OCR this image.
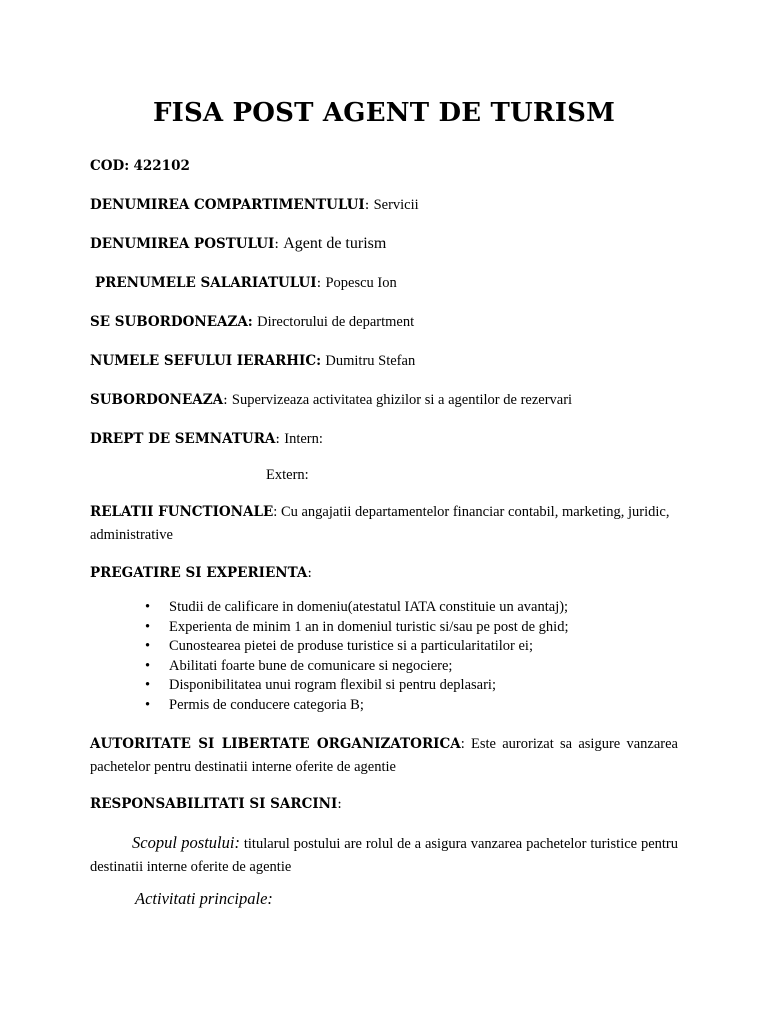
FISA POST AGENT DE TURISM
COD: 422102
DENUMIREA COMPARTIMENTULUI: Servicii
DENUMIREA POSTULUI: Agent de turism
PRENUMELE SALARIATULUI: Popescu Ion
SE SUBORDONEAZA: Directorului de department
NUMELE SEFULUI IERARHIC: Dumitru Stefan
SUBORDONEAZA: Supervizeaza activitatea ghizilor si a agentilor de rezervari
DREPT DE SEMNATURA: Intern:
Extern:
RELATII FUNCTIONALE: Cu angajatii departamentelor financiar contabil, marketing, juridic, administrative
PREGATIRE SI EXPERIENTA:
• Studii de calificare in domeniu(atestatul IATA constituie un avantaj);
• Experienta de minim 1 an in domeniul turistic si/sau pe post de ghid;
• Cunostearea pietei de produse turistice si a particularitatilor ei;
• Abilitati foarte bune de comunicare si negociere;
• Disponibilitatea unui rogram flexibil si pentru deplasari;
• Permis de conducere categoria B;
AUTORITATE SI LIBERTATE ORGANIZATORICA: Este aurorizat sa asigure vanzarea pachetelor pentru destinatii interne oferite de agentie
RESPONSABILITATI SI SARCINI:
Scopul postului: titularul postului are rolul de a asigura vanzarea pachetelor turistice pentru destinatii interne oferite de agentie
Activitati principale:
